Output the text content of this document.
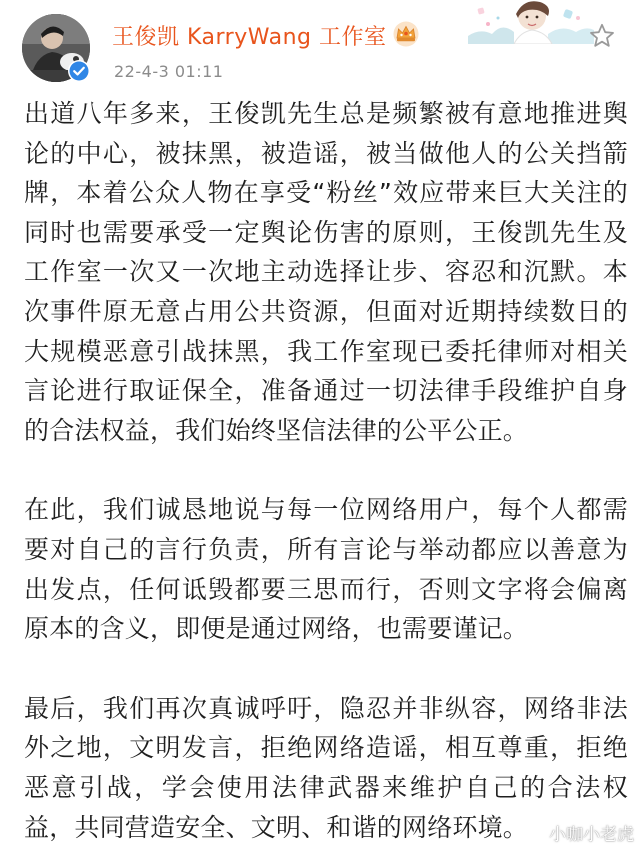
王俊凯 KarryWang 工作室
22-4-3 01:11

出道八年多来，王俊凯先生总是频繁被有意地推进舆论的中心，被抹黑，被造谣，被当做他人的公关挡箭牌，本着公众人物在享受“粉丝”效应带来巨大关注的同时也需要承受一定舆论伤害的原则，王俊凯先生及工作室一次又一次地主动选择让步、容忍和沉默。本次事件原无意占用公共资源，但面对近期持续数日的大规模恶意引战抹黑，我工作室现已委托律师对相关言论进行取证保全，准备通过一切法律手段维护自身的合法权益，我们始终坚信法律的公平公正。

在此，我们诚恳地说与每一位网络用户，每个人都需要对自己的言行负责，所有言论与举动都应以善意为出发点，任何诋毁都要三思而行，否则文字将会偏离原本的含义，即便是通过网络，也需要谨记。

最后，我们再次真诚呼吁，隐忍并非纵容，网络非法外之地，文明发言，拒绝网络造谣，相互尊重，拒绝恶意引战，学会使用法律武器来维护自己的合法权益，共同营造安全、文明、和谐的网络环境。	小咖小老虎
